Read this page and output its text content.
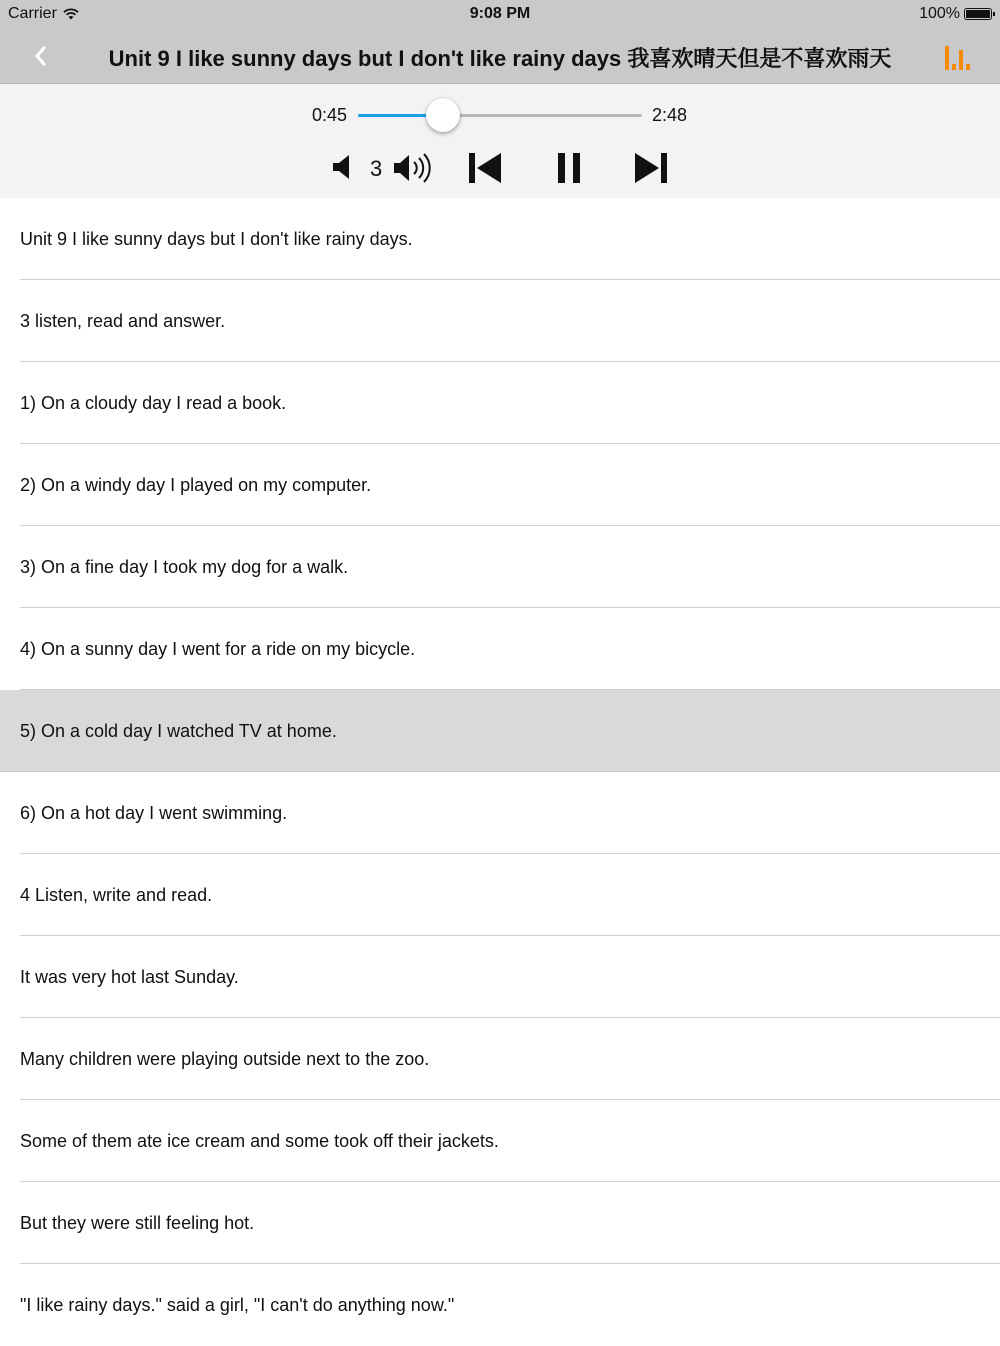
Carrier	9:08 PM	100%
Unit 9 I like sunny days but I don't like rainy days 我喜欢晴天但是不喜欢雨天
0:45	2:48
3
Unit 9 I like sunny days but I don't like rainy days.
3 listen, read and answer.
1) On a cloudy day I read a book.
2) On a windy day I played on my computer.
3) On a fine day I took my dog for a walk.
4) On a sunny day I went for a ride on my bicycle.
5) On a cold day I watched TV at home.
6) On a hot day I went swimming.
4 Listen, write and read.
It was very hot last Sunday.
Many children were playing outside next to the zoo.
Some of them ate ice cream and some took off their jackets.
But they were still feeling hot.
"I like rainy days." said a girl, "I can't do anything now."
